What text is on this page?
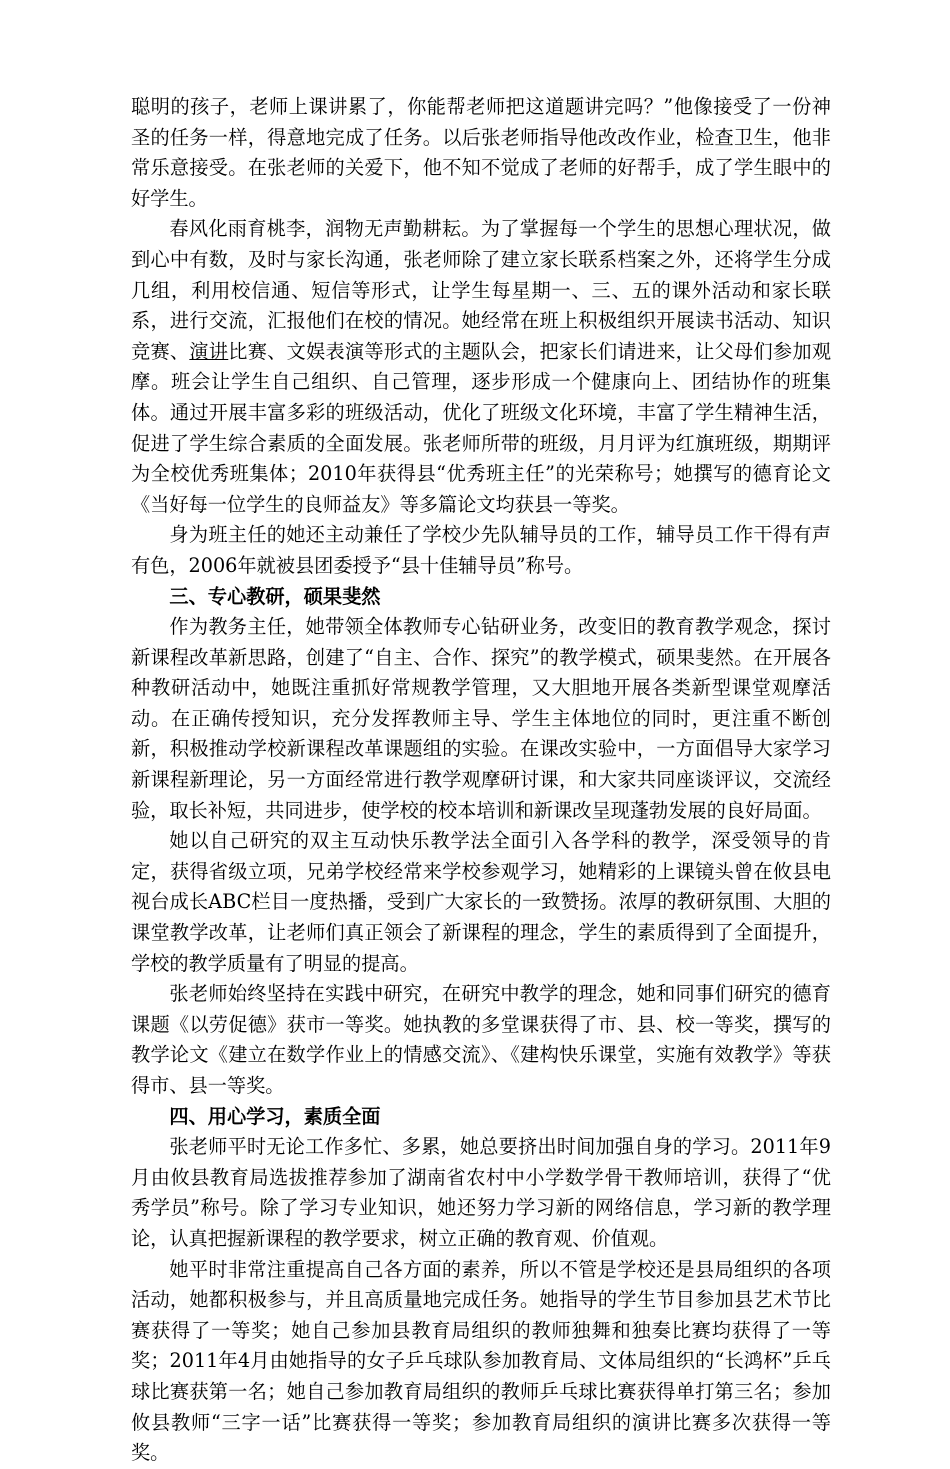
聪明的孩子，老师上课讲累了，你能帮老师把这道题讲完吗？”他像接受了一份神圣的任务一样，得意地完成了任务。以后张老师指导他改改作业，检查卫生，他非常乐意接受。在张老师的关爱下，他不知不觉成了老师的好帮手，成了学生眼中的好学生。

春风化雨育桃李，润物无声勤耕耘。为了掌握每一个学生的思想心理状况，做到心中有数，及时与家长沟通，张老师除了建立家长联系档案之外，还将学生分成几组，利用校信通、短信等形式，让学生每星期一、三、五的课外活动和家长联系，进行交流，汇报他们在校的情况。她经常在班上积极组织开展读书活动、知识竞赛、演讲比赛、文娱表演等形式的主题队会，把家长们请进来，让父母们参加观摩。班会让学生自己组织、自己管理，逐步形成一个健康向上、团结协作的班集体。通过开展丰富多彩的班级活动，优化了班级文化环境，丰富了学生精神生活，促进了学生综合素质的全面发展。张老师所带的班级，月月评为红旗班级，期期评为全校优秀班集体；2010年获得县“优秀班主任”的光荣称号；她撰写的德育论文《当好每一位学生的良师益友》等多篇论文均获县一等奖。

身为班主任的她还主动兼任了学校少先队辅导员的工作，辅导员工作干得有声有色，2006年就被县团委授予“县十佳辅导员”称号。

三、专心教研，硕果斐然

作为教务主任，她带领全体教师专心钻研业务，改变旧的教育教学观念，探讨新课程改革新思路，创建了“自主、合作、探究”的教学模式，硕果斐然。在开展各种教研活动中，她既注重抓好常规教学管理，又大胆地开展各类新型课堂观摩活动。在正确传授知识，充分发挥教师主导、学生主体地位的同时，更注重不断创新，积极推动学校新课程改革课题组的实验。在课改实验中，一方面倡导大家学习新课程新理论，另一方面经常进行教学观摩研讨课，和大家共同座谈评议，交流经验，取长补短，共同进步，使学校的校本培训和新课改呈现蓬勃发展的良好局面。

她以自己研究的双主互动快乐教学法全面引入各学科的教学，深受领导的肯定，获得省级立项，兄弟学校经常来学校参观学习，她精彩的上课镜头曾在攸县电视台成长ABC栏目一度热播，受到广大家长的一致赞扬。浓厚的教研氛围、大胆的课堂教学改革，让老师们真正领会了新课程的理念，学生的素质得到了全面提升，学校的教学质量有了明显的提高。

张老师始终坚持在实践中研究，在研究中教学的理念，她和同事们研究的德育课题《以劳促德》获市一等奖。她执教的多堂课获得了市、县、校一等奖，撰写的教学论文《建立在数学作业上的情感交流》、《建构快乐课堂，实施有效教学》等获得市、县一等奖。

四、用心学习，素质全面

张老师平时无论工作多忙、多累，她总要挤出时间加强自身的学习。2011年9月由攸县教育局选拔推荐参加了湖南省农村中小学数学骨干教师培训，获得了“优秀学员”称号。除了学习专业知识，她还努力学习新的网络信息，学习新的教学理论，认真把握新课程的教学要求，树立正确的教育观、价值观。

她平时非常注重提高自己各方面的素养，所以不管是学校还是县局组织的各项活动，她都积极参与，并且高质量地完成任务。她指导的学生节目参加县艺术节比赛获得了一等奖；她自己参加县教育局组织的教师独舞和独奏比赛均获得了一等奖；2011年4月由她指导的女子乒乓球队参加教育局、文体局组织的“长鸿杯”乒乓球比赛获第一名；她自己参加教育局组织的教师乒乓球比赛获得单打第三名；参加攸县教师“三字一话”比赛获得一等奖；参加教育局组织的演讲比赛多次获得一等奖。
